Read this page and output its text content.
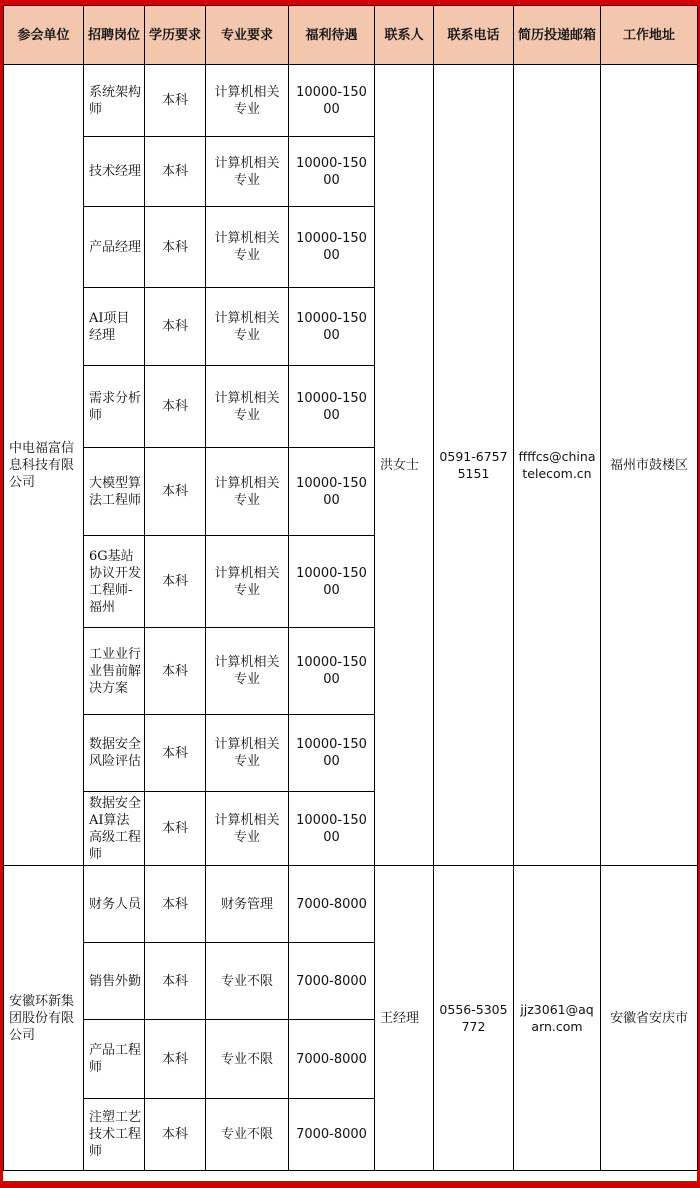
参会单位	招聘岗位	学历要求	专业要求	福利待遇	联系人	联系电话	简历投递邮箱	工作地址
中电福富信息科技有限公司	系统架构师	本科	计算机相关专业	10000-15000	洪女士	0591-67575151	ffffcs@chinatelecom.cn	福州市鼓楼区
	技术经理	本科	计算机相关专业	10000-15000				
	产品经理	本科	计算机相关专业	10000-15000				
	AI项目经理	本科	计算机相关专业	10000-15000				
	需求分析师	本科	计算机相关专业	10000-15000				
	大模型算法工程师	本科	计算机相关专业	10000-15000				
	6G基站协议开发工程师-福州	本科	计算机相关专业	10000-15000				
	工业业行业售前解决方案	本科	计算机相关专业	10000-15000				
	数据安全风险评估	本科	计算机相关专业	10000-15000				
	数据安全AI算法高级工程师	本科	计算机相关专业	10000-15000				
安徽环新集团股份有限公司	财务人员	本科	财务管理	7000-8000	王经理	0556-5305772	jjz3061@aqarn.com	安徽省安庆市
	销售外勤	本科	专业不限	7000-8000				
	产品工程师	本科	专业不限	7000-8000				
	注塑工艺技术工程师	本科	专业不限	7000-8000				
